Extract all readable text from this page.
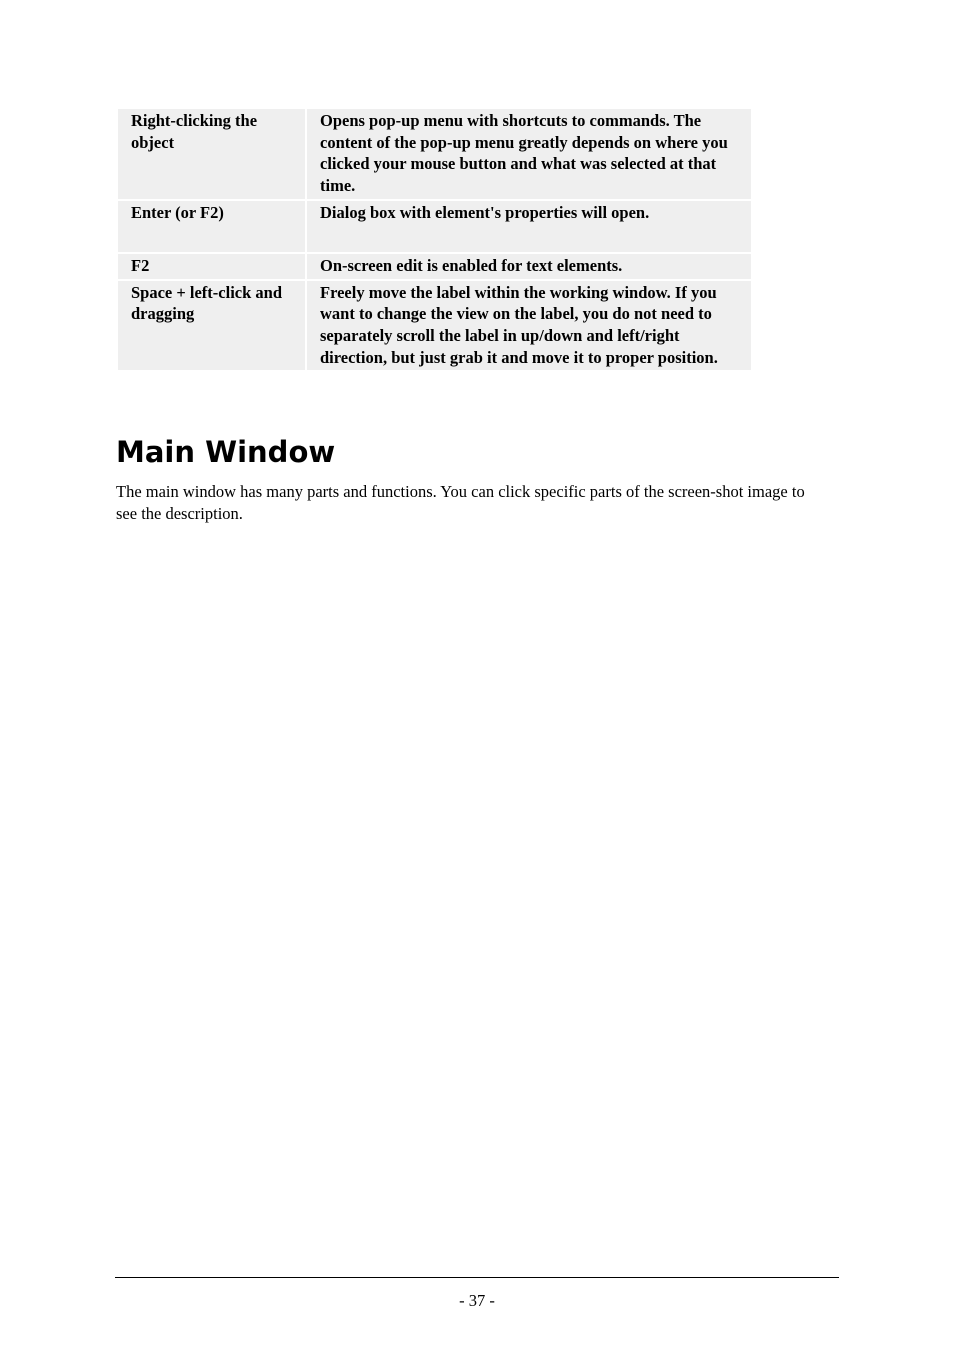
Right-clicking the object	Opens pop-up menu with shortcuts to commands. The content of the pop-up menu greatly depends on where you clicked your mouse button and what was selected at that time.
Enter (or F2)	Dialog box with element's properties will open.
F2	On-screen edit is enabled for text elements.
Space + left-click and dragging	Freely move the label within the working window. If you want to change the view on the label, you do not need to separately scroll the label in up/down and left/right direction, but just grab it and move it to proper position.
Main Window

The main window has many parts and functions. You can click specific parts of the screen-shot image to see the description.

- 37 -
